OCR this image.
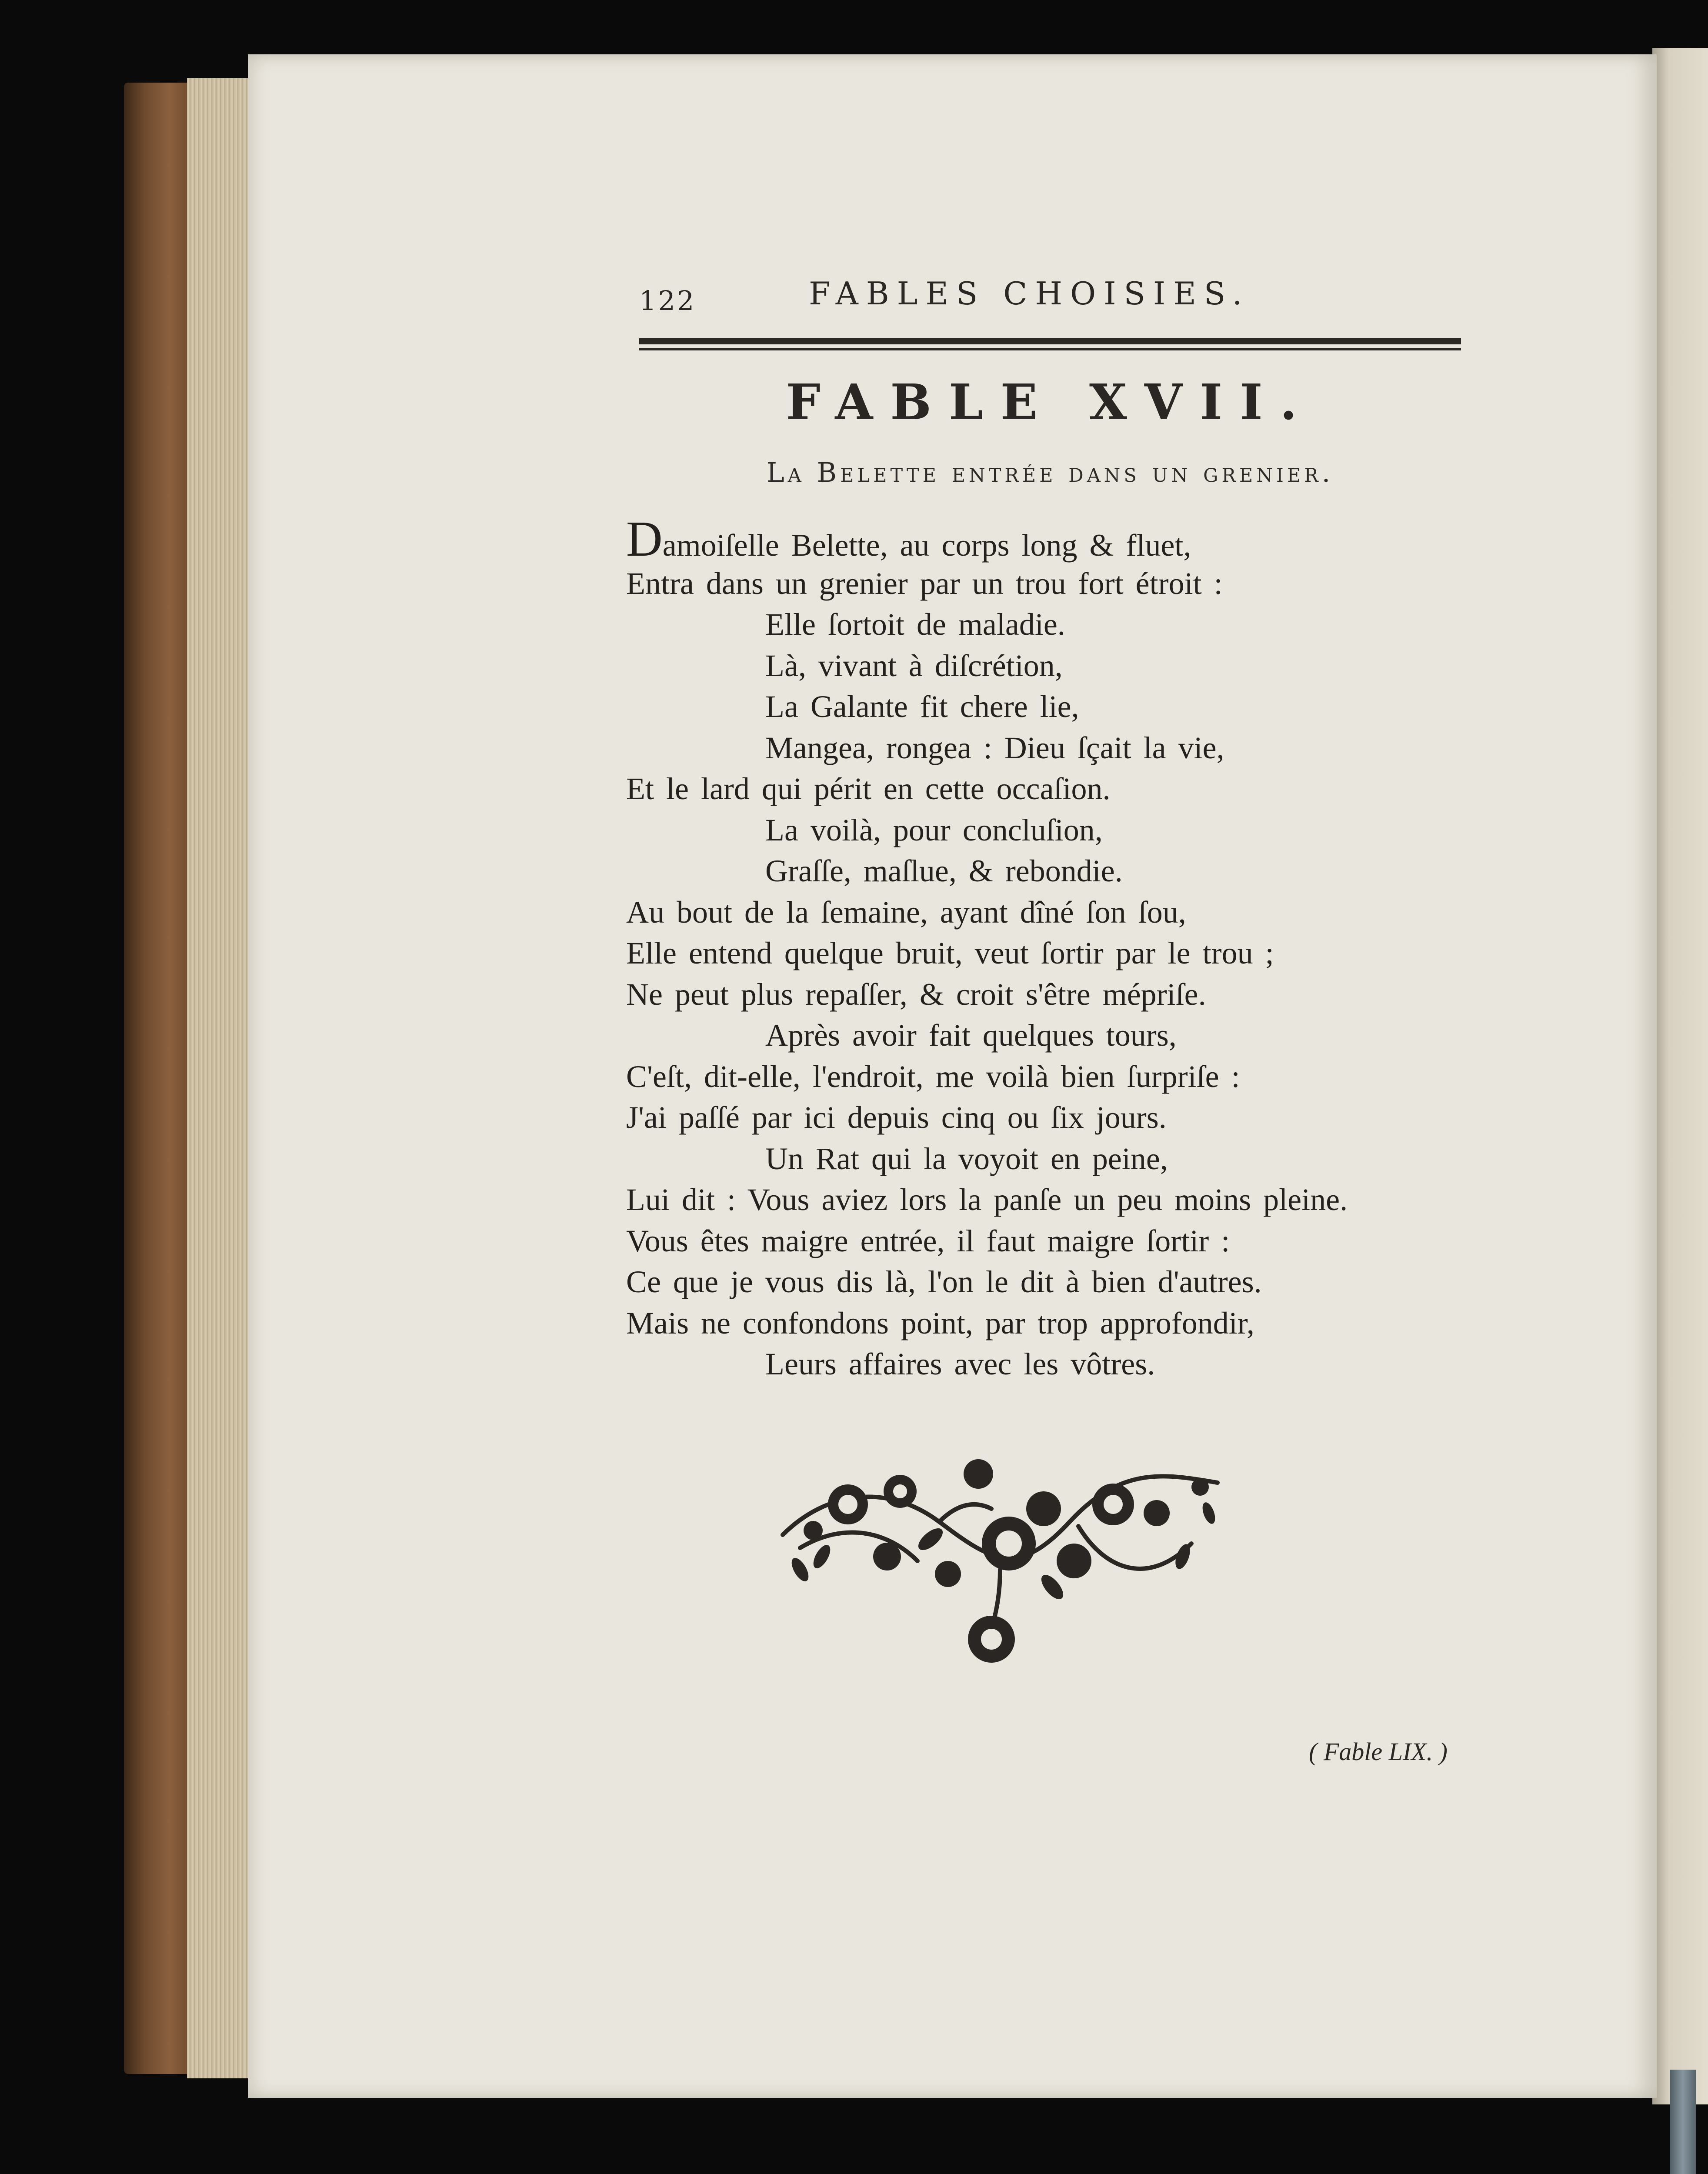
122	FABLES CHOISIES.
FABLE XVII.
La Belette entrée dans un grenier.
Damoiſelle Belette, au corps long & fluet,
Entra dans un grenier par un trou fort étroit :
Elle ſortoit de maladie.
Là, vivant à diſcrétion,
La Galante fit chere lie,
Mangea, rongea : Dieu ſçait la vie,
Et le lard qui périt en cette occaſion.
La voilà, pour concluſion,
Graſſe, maſlue, & rebondie.
Au bout de la ſemaine, ayant dîné ſon ſou,
Elle entend quelque bruit, veut ſortir par le trou ;
Ne peut plus repaſſer, & croit s'être mépriſe.
Après avoir fait quelques tours,
C'eſt, dit-elle, l'endroit, me voilà bien ſurpriſe :
J'ai paſſé par ici depuis cinq ou ſix jours.
Un Rat qui la voyoit en peine,
Lui dit : Vous aviez lors la panſe un peu moins pleine.
Vous êtes maigre entrée, il faut maigre ſortir :
Ce que je vous dis là, l'on le dit à bien d'autres.
Mais ne confondons point, par trop approfondir,
Leurs affaires avec les vôtres.
( Fable LIX. )
